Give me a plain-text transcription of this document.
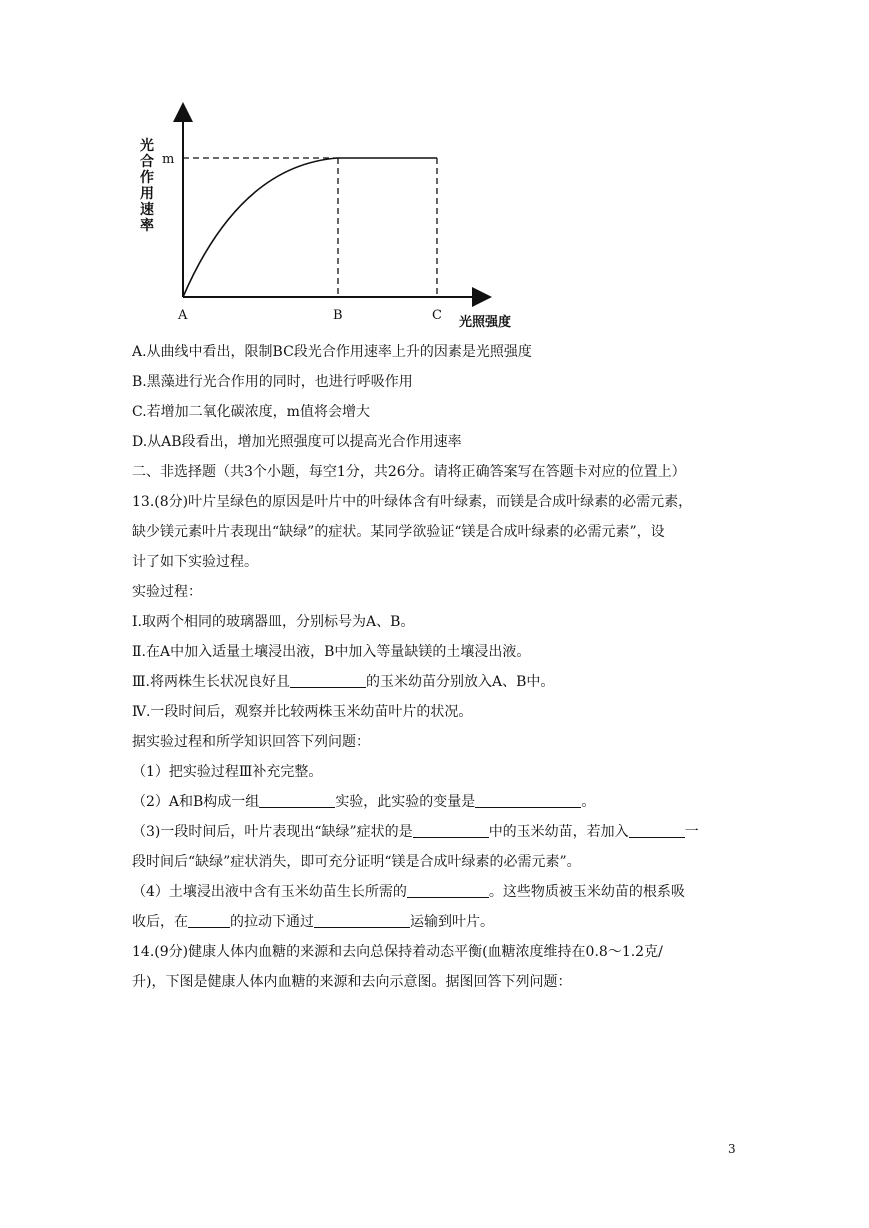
光
合
作
用
速
率
m
A	B	C 光照强度
A.从曲线中看出，限制BC段光合作用速率上升的因素是光照强度
B.黑藻进行光合作用的同时，也进行呼吸作用
C.若增加二氧化碳浓度，m值将会增大
D.从AB段看出，增加光照强度可以提高光合作用速率
二、非选择题（共3个小题，每空1分，共26分。请将正确答案写在答题卡对应的位置上）
13.(8分)叶片呈绿色的原因是叶片中的叶绿体含有叶绿素，而镁是合成叶绿素的必需元素，
缺少镁元素叶片表现出“缺绿”的症状。某同学欲验证“镁是合成叶绿素的必需元素”，设
计了如下实验过程。
实验过程：
Ⅰ.取两个相同的玻璃器皿，分别标号为A、B。
Ⅱ.在A中加入适量土壤浸出液，B中加入等量缺镁的土壤浸出液。
Ⅲ.将两株生长状况良好且	的玉米幼苗分别放入A、B中。
Ⅳ.一段时间后，观察并比较两株玉米幼苗叶片的状况。
据实验过程和所学知识回答下列问题：
（1）把实验过程Ⅲ补充完整。
（2）A和B构成一组	实验，此实验的变量是	。
（3)一段时间后，叶片表现出“缺绿”症状的是	中的玉米幼苗，若加入	一
段时间后“缺绿”症状消失，即可充分证明“镁是合成叶绿素的必需元素”。
（4）土壤浸出液中含有玉米幼苗生长所需的	。这些物质被玉米幼苗的根系吸
收后，在	的拉动下通过	运输到叶片。
14.(9分)健康人体内血糖的来源和去向总保持着动态平衡(血糖浓度维持在0.8～1.2克/
升)，下图是健康人体内血糖的来源和去向示意图。据图回答下列问题：
3
